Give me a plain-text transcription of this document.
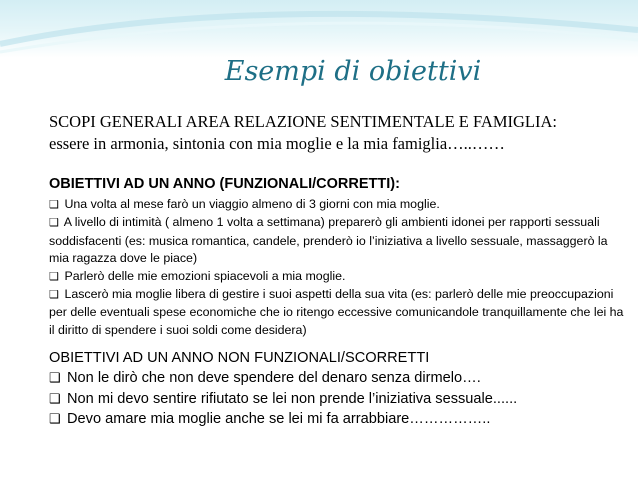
Esempi di obiettivi
SCOPI GENERALI AREA RELAZIONE SENTIMENTALE E FAMIGLIA:
essere in armonia, sintonia con mia moglie e la mia famiglia…..……
OBIETTIVI AD UN ANNO (FUNZIONALI/CORRETTI):
❑ Una volta al mese farò un viaggio almeno di 3 giorni con mia moglie.
❑ A livello di intimità ( almeno 1 volta a settimana) preparerò gli ambienti idonei per rapporti sessuali soddisfacenti (es: musica romantica, candele, prenderò io l’iniziativa a livello sessuale, massaggerò la mia ragazza dove le piace)
❑ Parlerò delle mie emozioni spiacevoli a mia moglie.
❑ Lascerò mia moglie libera di gestire i suoi aspetti della sua vita (es: parlerò delle mie preoccupazioni per delle eventuali spese economiche che io ritengo eccessive comunicandole tranquillamente che lei ha il diritto di spendere i suoi soldi come desidera)
OBIETTIVI AD UN ANNO NON FUNZIONALI/SCORRETTI
❑ Non le dirò che non deve spendere del denaro senza dirmelo….
❑ Non mi devo sentire rifiutato se lei non prende l’iniziativa sessuale......
❑ Devo amare mia moglie anche se lei mi fa arrabbiare……………..
